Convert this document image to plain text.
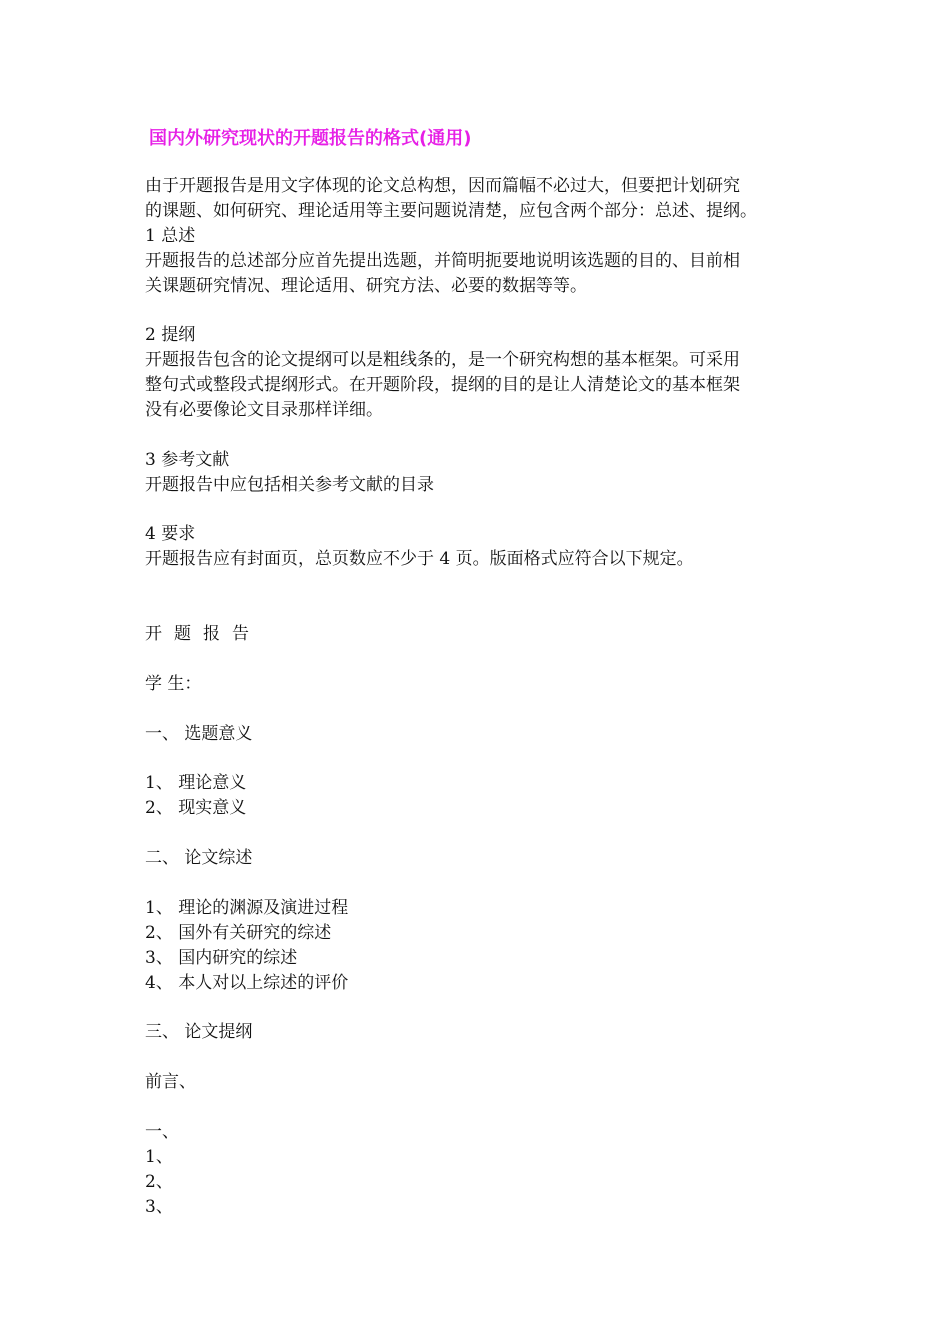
国内外研究现状的开题报告的格式(通用)
由于开题报告是用文字体现的论文总构想，因而篇幅不必过大，但要把计划研究
的课题、如何研究、理论适用等主要问题说清楚，应包含两个部分：总述、提纲。
1 总述
开题报告的总述部分应首先提出选题，并简明扼要地说明该选题的目的、目前相
关课题研究情况、理论适用、研究方法、必要的数据等等。
2 提纲
开题报告包含的论文提纲可以是粗线条的，是一个研究构想的基本框架。可采用
整句式或整段式提纲形式。在开题阶段，提纲的目的是让人清楚论文的基本框架
没有必要像论文目录那样详细。
3 参考文献
开题报告中应包括相关参考文献的目录
4 要求
开题报告应有封面页，总页数应不少于 4 页。版面格式应符合以下规定。
开题报告
学 生：
一、 选题意义
1、 理论意义
2、 现实意义
二、 论文综述
1、 理论的渊源及演进过程
2、 国外有关研究的综述
3、 国内研究的综述
4、 本人对以上综述的评价
三、 论文提纲
前言、
一、
1、
2、
3、
